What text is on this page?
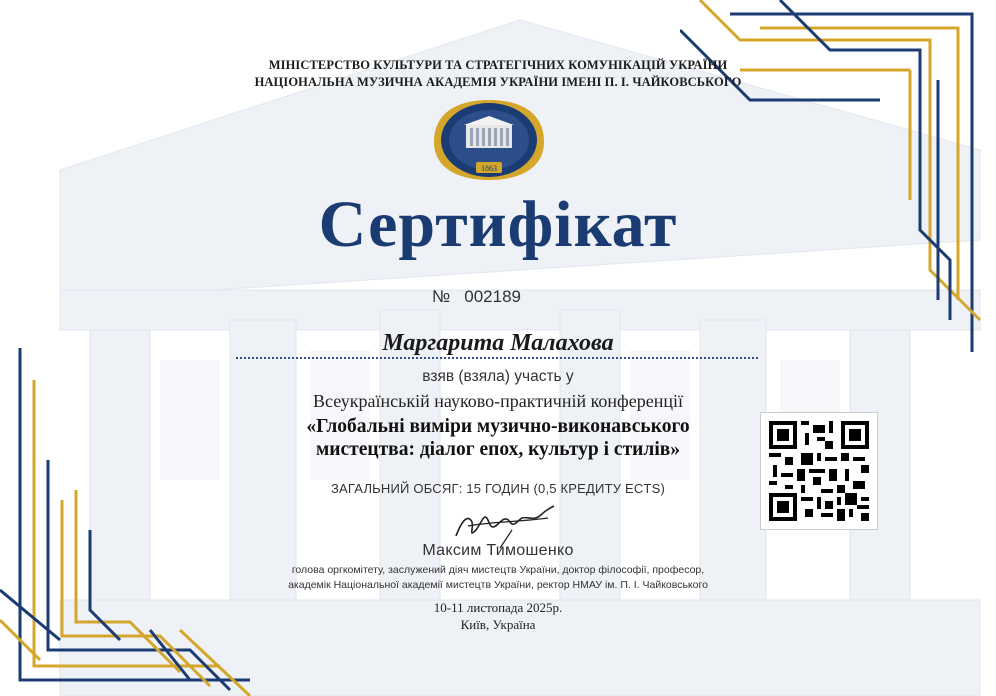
МІНІСТЕРСТВО КУЛЬТУРИ ТА СТРАТЕГІЧНИХ КОМУНІКАЦІЙ УКРАЇНИ
НАЦІОНАЛЬНА МУЗИЧНА АКАДЕМІЯ УКРАЇНИ ІМЕНІ П. І. ЧАЙКОВСЬКОГО
1863
Сертифікат
№ 002189
Маргарита Малахова
взяв (взяла) участь у
Всеукраїнській науково-практичній конференції
«Глобальні виміри музично-виконавського
мистецтва: діалог епох, культур і стилів»
ЗАГАЛЬНИЙ ОБСЯГ: 15 ГОДИН (0,5 КРЕДИТУ ECTS)
Максим Тимошенко
голова оргкомітету, заслужений діяч мистецтв України, доктор філософії, професор,
академік Національної академії мистецтв України, ректор НМАУ ім. П. І. Чайковського
10-11 листопада 2025р.
Київ, Україна
